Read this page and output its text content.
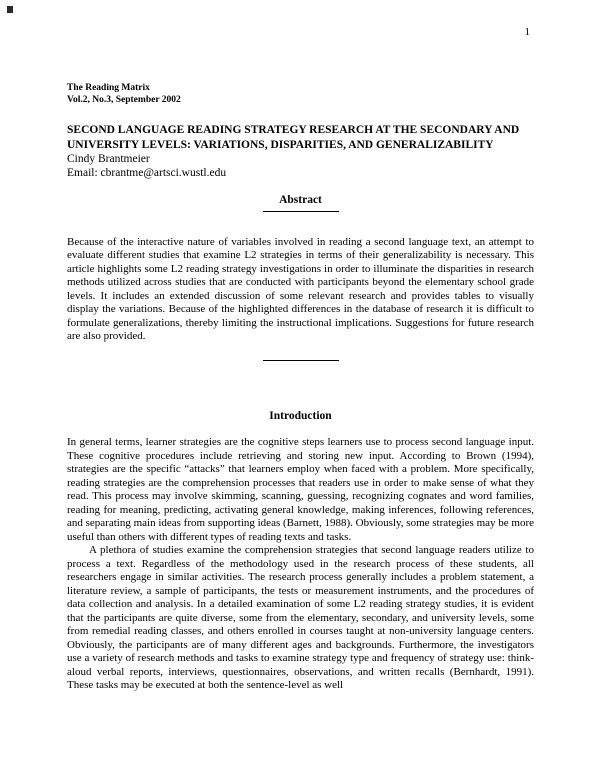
1
The Reading Matrix
Vol.2, No.3, September 2002
SECOND LANGUAGE READING STRATEGY RESEARCH AT THE SECONDARY AND UNIVERSITY LEVELS: VARIATIONS, DISPARITIES, AND GENERALIZABILITY
Cindy Brantmeier
Email: cbrantme@artsci.wustl.edu
Abstract
Because of the interactive nature of variables involved in reading a second language text, an attempt to evaluate different studies that examine L2 strategies in terms of their generalizability is necessary. This article highlights some L2 reading strategy investigations in order to illuminate the disparities in research methods utilized across studies that are conducted with participants beyond the elementary school grade levels. It includes an extended discussion of some relevant research and provides tables to visually display the variations. Because of the highlighted differences in the database of research it is difficult to formulate generalizations, thereby limiting the instructional implications. Suggestions for future research are also provided.
Introduction
In general terms, learner strategies are the cognitive steps learners use to process second language input. These cognitive procedures include retrieving and storing new input. According to Brown (1994), strategies are the specific “attacks” that learners employ when faced with a problem. More specifically, reading strategies are the comprehension processes that readers use in order to make sense of what they read. This process may involve skimming, scanning, guessing, recognizing cognates and word families, reading for meaning, predicting, activating general knowledge, making inferences, following references, and separating main ideas from supporting ideas (Barnett, 1988). Obviously, some strategies may be more useful than others with different types of reading texts and tasks.
A plethora of studies examine the comprehension strategies that second language readers utilize to process a text. Regardless of the methodology used in the research process of these students, all researchers engage in similar activities. The research process generally includes a problem statement, a literature review, a sample of participants, the tests or measurement instruments, and the procedures of data collection and analysis. In a detailed examination of some L2 reading strategy studies, it is evident that the participants are quite diverse, some from the elementary, secondary, and university levels, some from remedial reading classes, and others enrolled in courses taught at non-university language centers. Obviously, the participants are of many different ages and backgrounds. Furthermore, the investigators use a variety of research methods and tasks to examine strategy type and frequency of strategy use: think-aloud verbal reports, interviews, questionnaires, observations, and written recalls (Bernhardt, 1991). These tasks may be executed at both the sentence-level as well
